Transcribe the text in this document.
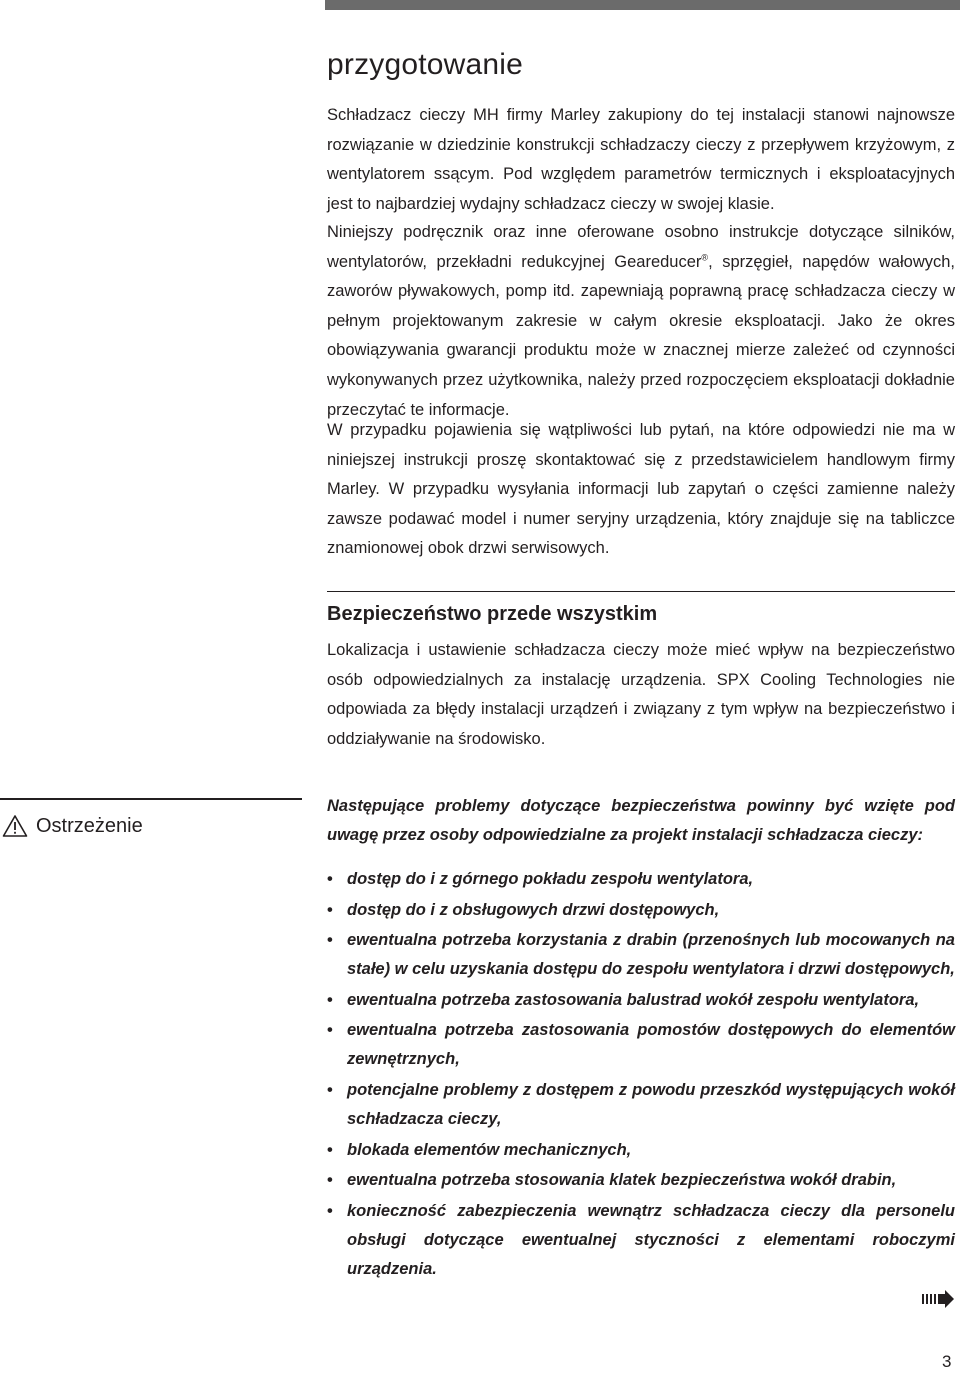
przygotowanie

Schładzacz cieczy MH firmy Marley zakupiony do tej instalacji stanowi najnowsze rozwiązanie w dziedzinie konstrukcji schładzaczy cieczy z przepływem krzyżowym, z wentylatorem ssącym. Pod względem parametrów termicznych i eksploatacyjnych jest to najbardziej wydajny schładzacz cieczy w swojej klasie.

Niniejszy podręcznik oraz inne oferowane osobno instrukcje dotyczące silników, wentylatorów, przekładni redukcyjnej Geareducer®, sprzęgieł, napędów wałowych, zaworów pływakowych, pomp itd. zapewniają poprawną pracę schładzacza cieczy w pełnym projektowanym zakresie w całym okresie eksploatacji. Jako że okres obowiązywania gwarancji produktu może w znacznej mierze zależeć od czynności wykonywanych przez użytkownika, należy przed rozpoczęciem eksploatacji dokładnie przeczytać te informacje.

W przypadku pojawienia się wątpliwości lub pytań, na które odpowiedzi nie ma w niniejszej instrukcji proszę skontaktować się z przedstawicielem handlowym firmy Marley. W przypadku wysyłania informacji lub zapytań o części zamienne należy zawsze podawać model i numer seryjny urządzenia, który znajduje się na tabliczce znamionowej obok drzwi serwisowych.

Bezpieczeństwo przede wszystkim

Lokalizacja i ustawienie schładzacza cieczy może mieć wpływ na bezpieczeństwo osób odpowiedzialnych za instalację urządzenia. SPX Cooling Technologies nie odpowiada za błędy instalacji urządzeń i związany z tym wpływ na bezpieczeństwo i oddziaływanie na środowisko.

Ostrzeżenie

Następujące problemy dotyczące bezpieczeństwa powinny być wzięte pod uwagę przez osoby odpowiedzialne za projekt instalacji schładzacza cieczy:

• dostęp do i z górnego pokładu zespołu wentylatora,
• dostęp do i z obsługowych drzwi dostępowych,
• ewentualna potrzeba korzystania z drabin (przenośnych lub mocowanych na stałe) w celu uzyskania dostępu do zespołu wentylatora i drzwi dostępowych,
• ewentualna potrzeba zastosowania balustrad wokół zespołu wentylatora,
• ewentualna potrzeba zastosowania pomostów dostępowych do elementów zewnętrznych,
• potencjalne problemy z dostępem z powodu przeszkód występujących wokół schładzacza cieczy,
• blokada elementów mechanicznych,
• ewentualna potrzeba stosowania klatek bezpieczeństwa wokół drabin,
• konieczność zabezpieczenia wewnątrz schładzacza cieczy dla personelu obsługi dotyczące ewentualnej styczności z elementami roboczymi urządzenia.
3
